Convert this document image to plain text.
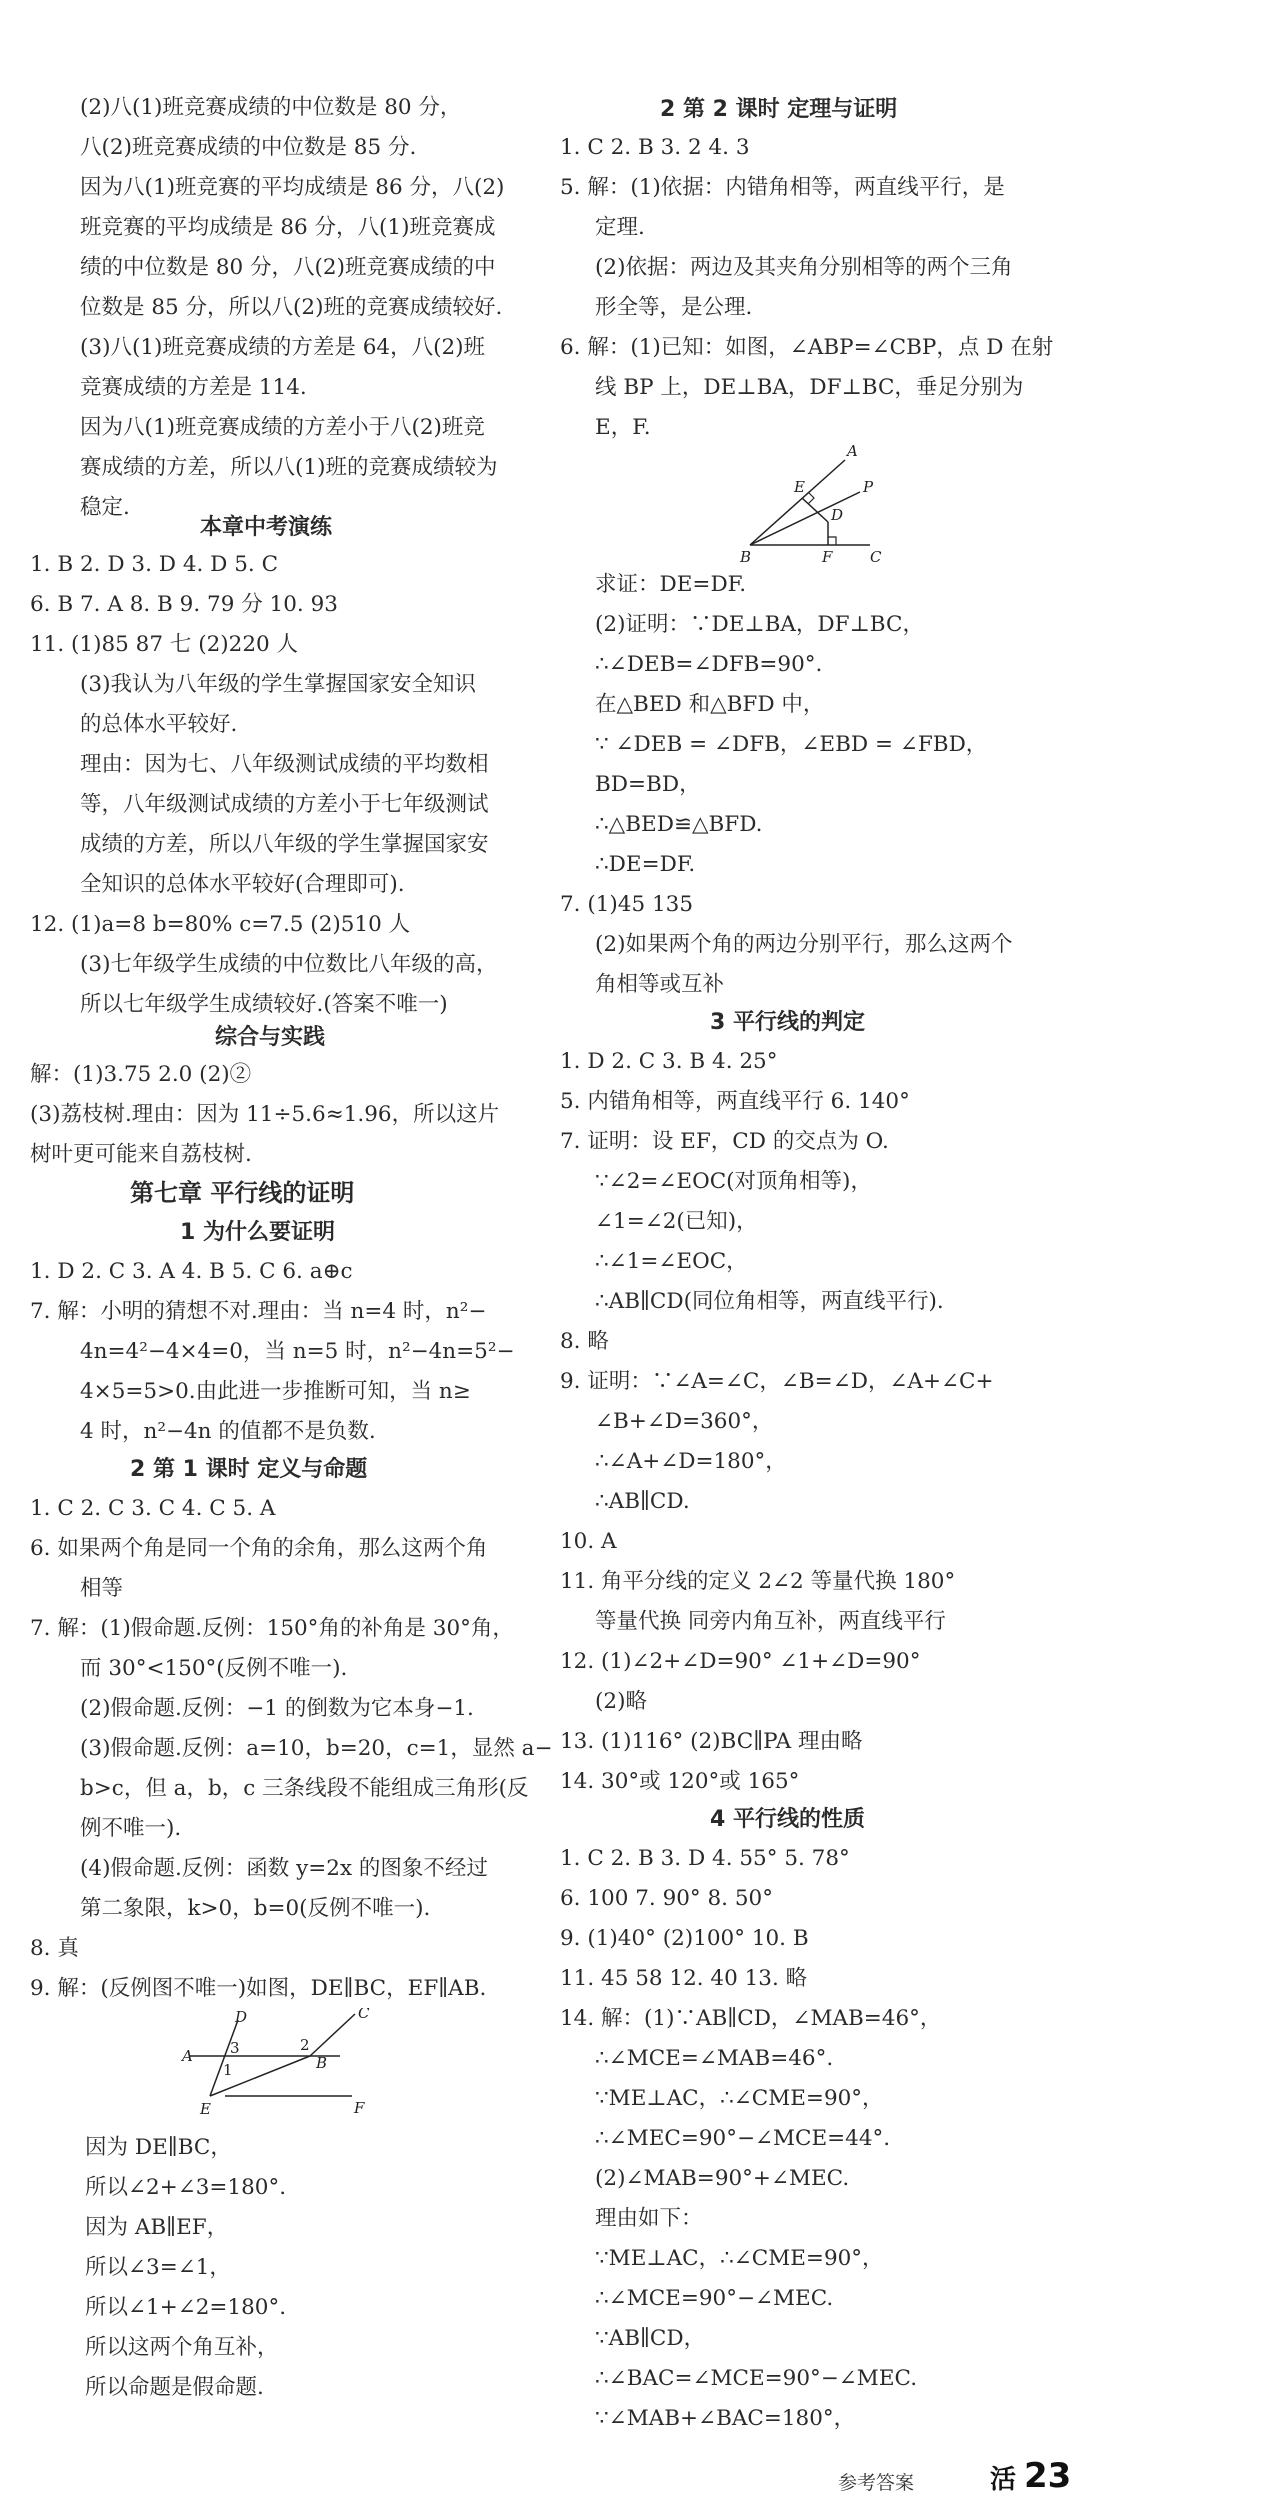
(2)八(1)班竞赛成绩的中位数是 80 分，
八(2)班竞赛成绩的中位数是 85 分.
因为八(1)班竞赛的平均成绩是 86 分，八(2)
班竞赛的平均成绩是 86 分，八(1)班竞赛成
绩的中位数是 80 分，八(2)班竞赛成绩的中
位数是 85 分，所以八(2)班的竞赛成绩较好.
(3)八(1)班竞赛成绩的方差是 64，八(2)班
竞赛成绩的方差是 114.
因为八(1)班竞赛成绩的方差小于八(2)班竞
赛成绩的方差，所以八(1)班的竞赛成绩较为
稳定.
本章中考演练
1. B 2. D 3. D 4. D 5. C
6. B 7. A 8. B 9. 79 分 10. 93
11. (1)85 87 七 (2)220 人
(3)我认为八年级的学生掌握国家安全知识
的总体水平较好.
理由：因为七、八年级测试成绩的平均数相
等，八年级测试成绩的方差小于七年级测试
成绩的方差，所以八年级的学生掌握国家安
全知识的总体水平较好(合理即可).
12. (1)a=8 b=80% c=7.5 (2)510 人
(3)七年级学生成绩的中位数比八年级的高，
所以七年级学生成绩较好.(答案不唯一)
综合与实践
解：(1)3.75 2.0 (2)②
(3)荔枝树.理由：因为 11÷5.6≈1.96，所以这片
树叶更可能来自荔枝树.
第七章 平行线的证明
1 为什么要证明
1. D 2. C 3. A 4. B 5. C 6. a⊕c
7. 解：小明的猜想不对.理由：当 n=4 时，n²−
4n=4²−4×4=0，当 n=5 时，n²−4n=5²−
4×5=5>0.由此进一步推断可知，当 n≥
4 时，n²−4n 的值都不是负数.
2 第 1 课时 定义与命题
1. C 2. C 3. C 4. C 5. A
6. 如果两个角是同一个角的余角，那么这两个角
相等
7. 解：(1)假命题.反例：150°角的补角是 30°角，
而 30°<150°(反例不唯一).
(2)假命题.反例：−1 的倒数为它本身−1.
(3)假命题.反例：a=10，b=20，c=1，显然 a−
b>c，但 a，b，c 三条线段不能组成三角形(反
例不唯一).
(4)假命题.反例：函数 y=2x 的图象不经过
第二象限，k>0，b=0(反例不唯一).
8. 真
9. 解：(反例图不唯一)如图，DE∥BC，EF∥AB.
A
D
B
C
E	F
1
2
3
因为 DE∥BC，
所以∠2+∠3=180°.
因为 AB∥EF，
所以∠3=∠1，
所以∠1+∠2=180°.
所以这两个角互补，
所以命题是假命题.
2 第 2 课时 定理与证明
1. C 2. B 3. 2 4. 3
5. 解：(1)依据：内错角相等，两直线平行，是
定理.
(2)依据：两边及其夹角分别相等的两个三角
形全等，是公理.
6. 解：(1)已知：如图，∠ABP=∠CBP，点 D 在射
线 BP 上，DE⊥BA，DF⊥BC，垂足分别为
E，F.
A
E	P
D
B	F	C
求证：DE=DF.
(2)证明：∵DE⊥BA，DF⊥BC，
∴∠DEB=∠DFB=90°.
在△BED 和△BFD 中，
∵ ∠DEB = ∠DFB，∠EBD = ∠FBD，
BD=BD，
∴△BED≌△BFD.
∴DE=DF.
7. (1)45 135
(2)如果两个角的两边分别平行，那么这两个
角相等或互补
3 平行线的判定
1. D 2. C 3. B 4. 25°
5. 内错角相等，两直线平行 6. 140°
7. 证明：设 EF，CD 的交点为 O.
∵∠2=∠EOC(对顶角相等)，
∠1=∠2(已知)，
∴∠1=∠EOC，
∴AB∥CD(同位角相等，两直线平行).
8. 略
9. 证明：∵∠A=∠C，∠B=∠D，∠A+∠C+
∠B+∠D=360°，
∴∠A+∠D=180°，
∴AB∥CD.
10. A
11. 角平分线的定义 2∠2 等量代换 180°
等量代换 同旁内角互补，两直线平行
12. (1)∠2+∠D=90° ∠1+∠D=90°
(2)略
13. (1)116° (2)BC∥PA 理由略
14. 30°或 120°或 165°
4 平行线的性质
1. C 2. B 3. D 4. 55° 5. 78°
6. 100 7. 90° 8. 50°
9. (1)40° (2)100° 10. B
11. 45 58 12. 40 13. 略
14. 解：(1)∵AB∥CD，∠MAB=46°，
∴∠MCE=∠MAB=46°.
∵ME⊥AC，∴∠CME=90°，
∴∠MEC=90°−∠MCE=44°.
(2)∠MAB=90°+∠MEC.
理由如下：
∵ME⊥AC，∴∠CME=90°，
∴∠MCE=90°−∠MEC.
∵AB∥CD，
∴∠BAC=∠MCE=90°−∠MEC.
∵∠MAB+∠BAC=180°，
参考答案	活 23
